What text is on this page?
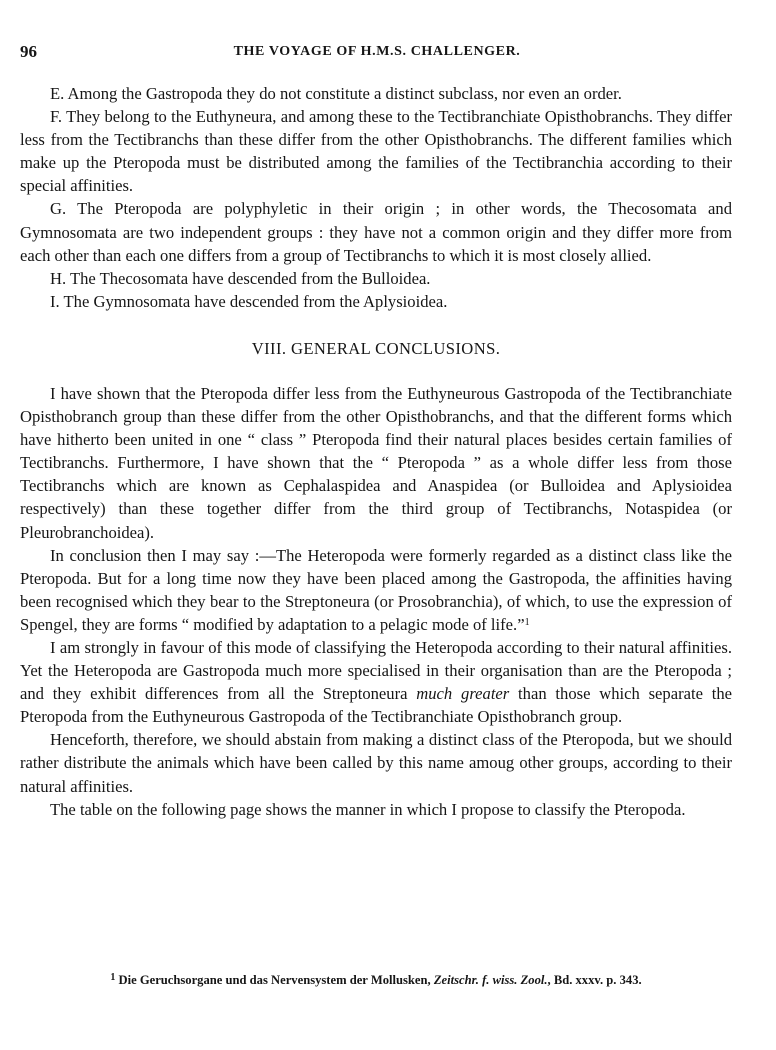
96	THE VOYAGE OF H.M.S. CHALLENGER.

E. Among the Gastropoda they do not constitute a distinct subclass, nor even an order.

F. They belong to the Euthyneura, and among these to the Tectibranchiate Opisthobranchs. They differ less from the Tectibranchs than these differ from the other Opisthobranchs. The different families which make up the Pteropoda must be distributed among the families of the Tectibranchia according to their special affinities.

G. The Pteropoda are polyphyletic in their origin ; in other words, the Thecosomata and Gymnosomata are two independent groups : they have not a common origin and they differ more from each other than each one differs from a group of Tectibranchs to which it is most closely allied.

H. The Thecosomata have descended from the Bulloidea.

I. The Gymnosomata have descended from the Aplysioidea.

VIII. GENERAL CONCLUSIONS.

I have shown that the Pteropoda differ less from the Euthyneurous Gastropoda of the Tectibranchiate Opisthobranch group than these differ from the other Opisthobranchs, and that the different forms which have hitherto been united in one “ class ” Pteropoda find their natural places besides certain families of Tectibranchs. Furthermore, I have shown that the “ Pteropoda ” as a whole differ less from those Tectibranchs which are known as Cephalaspidea and Anaspidea (or Bulloidea and Aplysioidea respectively) than these together differ from the third group of Tectibranchs, Notaspidea (or Pleurobranchoidea).

In conclusion then I may say :—The Heteropoda were formerly regarded as a distinct class like the Pteropoda. But for a long time now they have been placed among the Gastropoda, the affinities having been recognised which they bear to the Streptoneura (or Prosobranchia), of which, to use the expression of Spengel, they are forms “ modified by adaptation to a pelagic mode of life.”$^1$

I am strongly in favour of this mode of classifying the Heteropoda according to their natural affinities. Yet the Heteropoda are Gastropoda much more specialised in their organisation than are the Pteropoda ; and they exhibit differences from all the Streptoneura much greater than those which separate the Pteropoda from the Euthyneurous Gastropoda of the Tectibranchiate Opisthobranch group.

Henceforth, therefore, we should abstain from making a distinct class of the Pteropoda, but we should rather distribute the animals which have been called by this name amoug other groups, according to their natural affinities.

The table on the following page shows the manner in which I propose to classify the Pteropoda.

$^1$ Die Geruchsorgane und das Nervensystem der Mollusken, Zeitschr. f. wiss. Zool., Bd. xxxv. p. 343.
